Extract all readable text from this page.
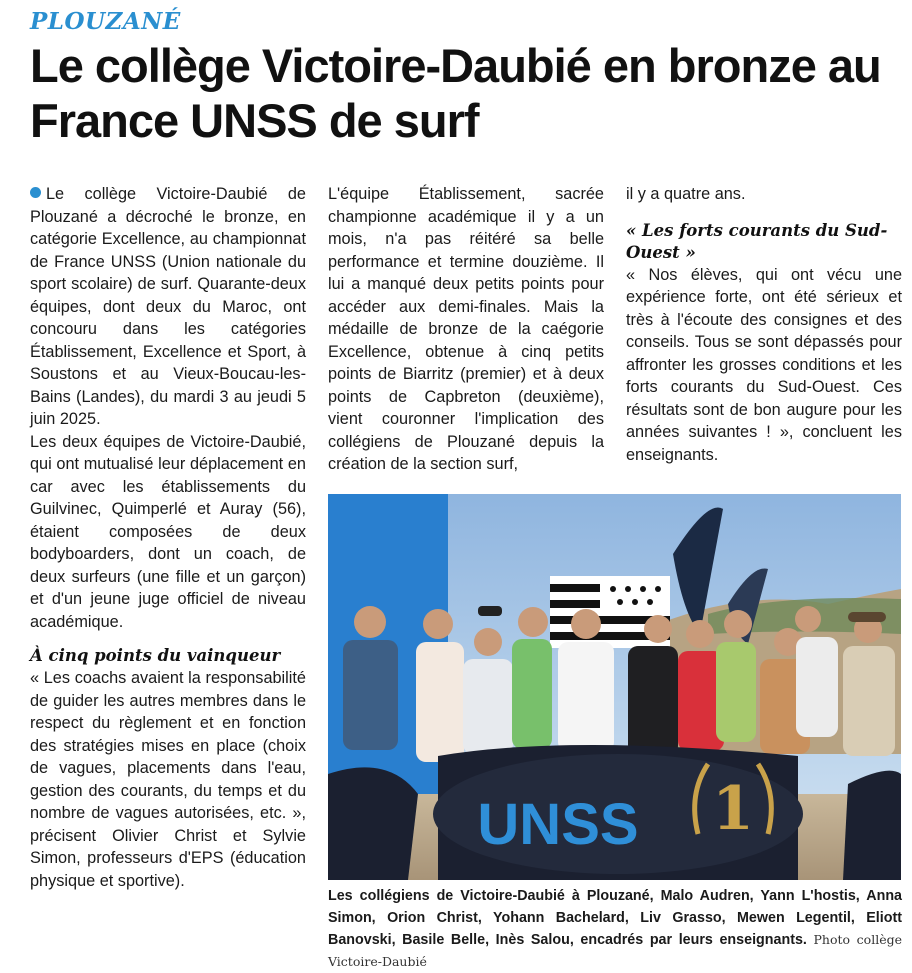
PLOUZANÉ
Le collège Victoire-Daubié en bronze au France UNSS de surf

Le collège Victoire-Daubié de Plouzané a décroché le bronze, en catégorie Excellence, au championnat de France UNSS (Union nationale du sport scolaire) de surf. Quarante-deux équipes, dont deux du Maroc, ont concouru dans les catégories Établissement, Excellence et Sport, à Soustons et au Vieux-Boucau-les-Bains (Landes), du mardi 3 au jeudi 5 juin 2025.

Les deux équipes de Victoire-Daubié, qui ont mutualisé leur déplacement en car avec les établissements du Guilvinec, Quimperlé et Auray (56), étaient composées de deux bodyboarders, dont un coach, de deux surfeurs (une fille et un garçon) et d'un jeune juge officiel de niveau académique.

À cinq points du vainqueur

« Les coachs avaient la responsabilité de guider les autres membres dans le respect du règlement et en fonction des stratégies mises en place (choix de vagues, placements dans l'eau, gestion des courants, du temps et du nombre de vagues autorisées, etc. », précisent Olivier Christ et Sylvie Simon, professeurs d'EPS (éducation physique et sportive).

L'équipe Établissement, sacrée championne académique il y a un mois, n'a pas réitéré sa belle performance et termine douzième. Il lui a manqué deux petits points pour accéder aux demi-finales. Mais la médaille de bronze de la caégorie Excellence, obtenue à cinq petits points de Biarritz (premier) et à deux points de Capbreton (deuxième), vient couronner l'implication des collégiens de Plouzané depuis la création de la section surf,

il y a quatre ans.

« Les forts courants du Sud-Ouest »

« Nos élèves, qui ont vécu une expérience forte, ont été sérieux et très à l'écoute des consignes et des conseils. Tous se sont dépassés pour affronter les grosses conditions et les forts courants du Sud-Ouest. Ces résultats sont de bon augure pour les années suivantes ! », concluent les enseignants.

UNSS 1

Les collégiens de Victoire-Daubié à Plouzané, Malo Audren, Yann L'hostis, Anna Simon, Orion Christ, Yohann Bachelard, Liv Grasso, Mewen Legentil, Eliott Banovski, Basile Belle, Inès Salou, encadrés par leurs enseignants. Photo collège Victoire-Daubié
